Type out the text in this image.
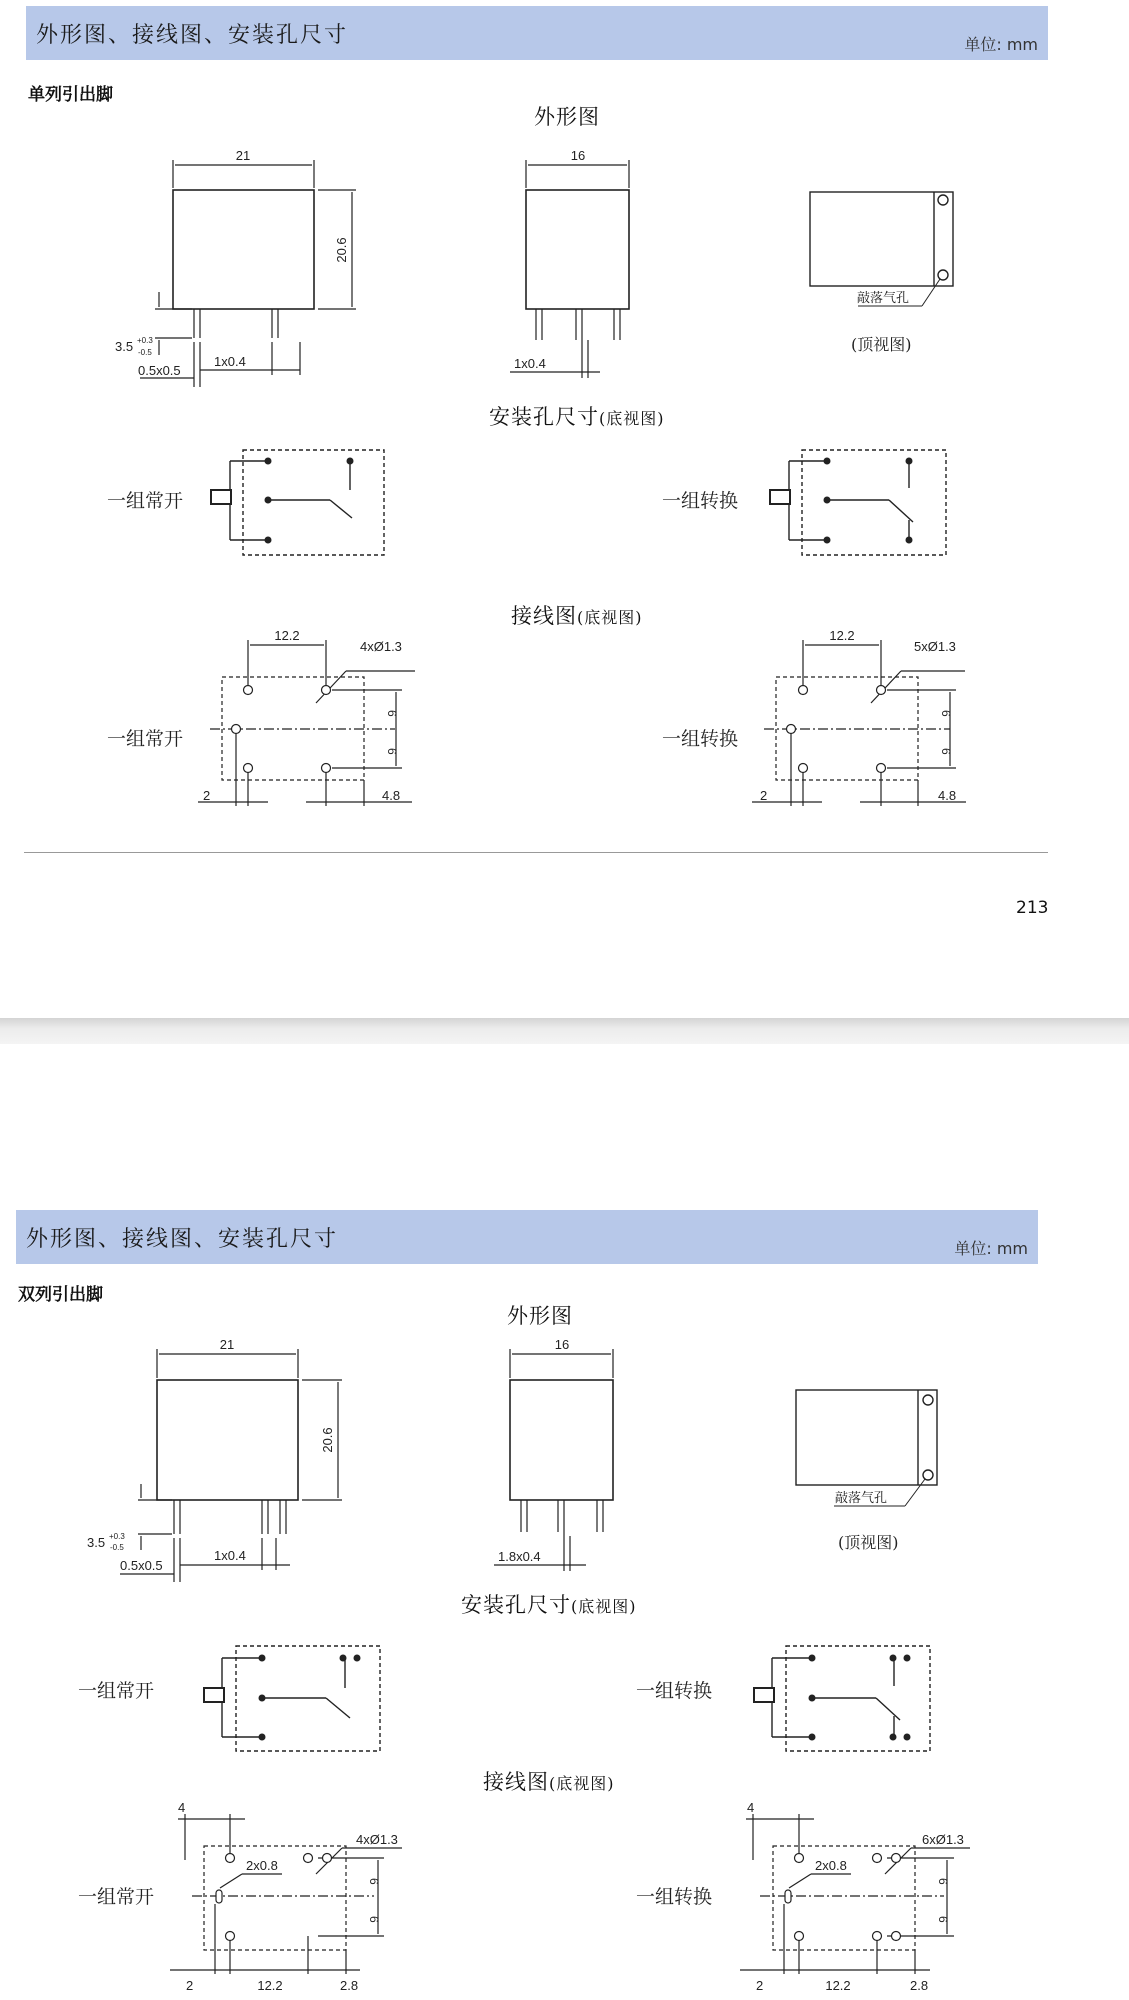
外形图、接线图、安装孔尺寸	单位: mm
单列引出脚
外形图
21
20.6
3.5 +0.3
-0.5
0.5x0.5
1x0.4
16
1x0.4
敲落气孔
(顶视图)
安装孔尺寸(底视图)
一组常开	一组转换
接线图(底视图)
一组常开	一组转换
12.2
4xØ1.3
6
6
2	4.8
12.2
5xØ1.3
6
6
2	4.8
213
外形图、接线图、安装孔尺寸	单位: mm
双列引出脚
外形图
21
20.6
3.5 +0.3
-0.5
0.5x0.5
1x0.4
16
1.8x0.4
敲落气孔
(顶视图)
安装孔尺寸(底视图)
一组常开	一组转换
接线图(底视图)
一组常开	一组转换
4
4xØ1.3
2x0.8
6
6
2	12.2	2.8
4
6xØ1.3
2x0.8
6
6
2	12.2	2.8
